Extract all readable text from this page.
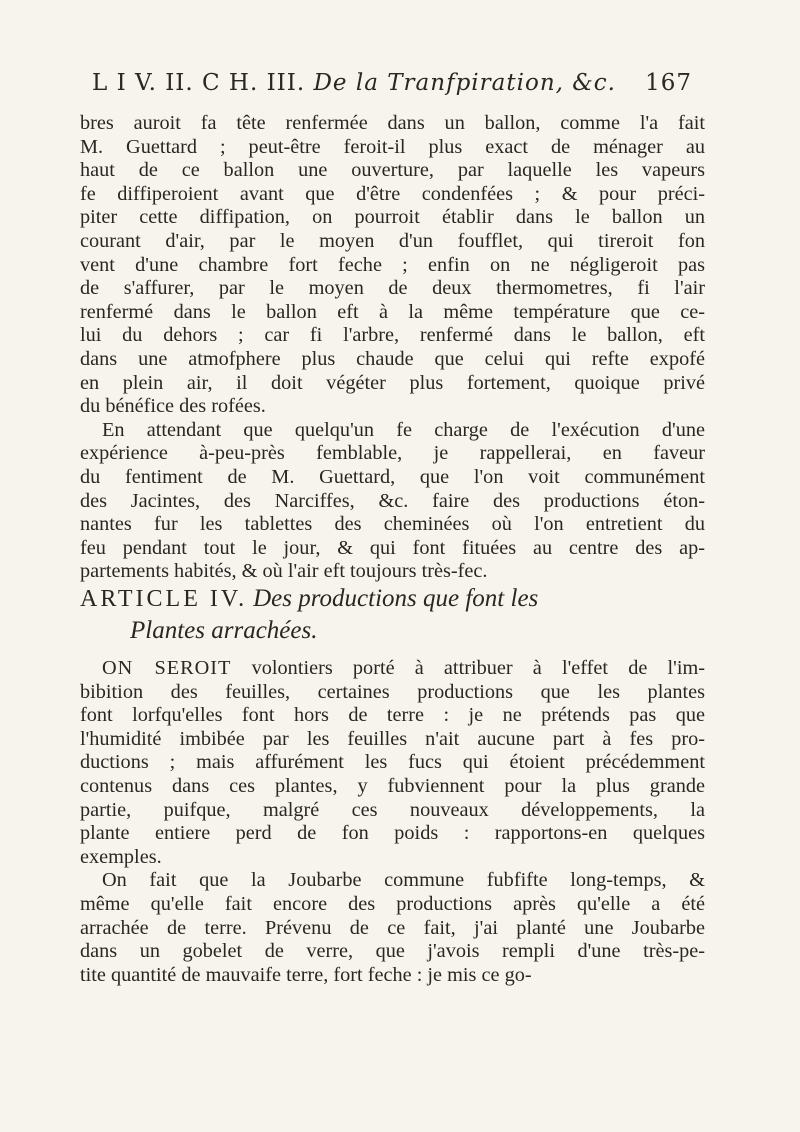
L I V. II. C H. III. De la Tranfpiration, &c. 167
bres auroit fa tête renfermée dans un ballon, comme l'a fait
M. Guettard ; peut-être feroit-il plus exact de ménager au
haut de ce ballon une ouverture, par laquelle les vapeurs
fe diffiperoient avant que d'être condenfées ; & pour préci-
piter cette diffipation, on pourroit établir dans le ballon un
courant d'air, par le moyen d'un foufflet, qui tireroit fon
vent d'une chambre fort feche ; enfin on ne négligeroit pas
de s'affurer, par le moyen de deux thermometres, fi l'air
renfermé dans le ballon eft à la même température que ce-
lui du dehors ; car fi l'arbre, renfermé dans le ballon, eft
dans une atmofphere plus chaude que celui qui refte expofé
en plein air, il doit végéter plus fortement, quoique privé
du bénéfice des rofées.
En attendant que quelqu'un fe charge de l'exécution d'une
expérience à-peu-près femblable, je rappellerai, en faveur
du fentiment de M. Guettard, que l'on voit communément
des Jacintes, des Narciffes, &c. faire des productions éton-
nantes fur les tablettes des cheminées où l'on entretient du
feu pendant tout le jour, & qui font fituées au centre des ap-
partements habités, & où l'air eft toujours très-fec.
ARTICLE IV. Des productions que font les
Plantes arrachées.
ON SEROIT volontiers porté à attribuer à l'effet de l'im-
bibition des feuilles, certaines productions que les plantes
font lorfqu'elles font hors de terre : je ne prétends pas que
l'humidité imbibée par les feuilles n'ait aucune part à fes pro-
ductions ; mais affurément les fucs qui étoient précédemment
contenus dans ces plantes, y fubviennent pour la plus grande
partie, puifque, malgré ces nouveaux développements, la
plante entiere perd de fon poids : rapportons-en quelques
exemples.
On fait que la Joubarbe commune fubfifte long-temps, &
même qu'elle fait encore des productions après qu'elle a été
arrachée de terre. Prévenu de ce fait, j'ai planté une Joubarbe
dans un gobelet de verre, que j'avois rempli d'une très-pe-
tite quantité de mauvaife terre, fort feche : je mis ce go-
